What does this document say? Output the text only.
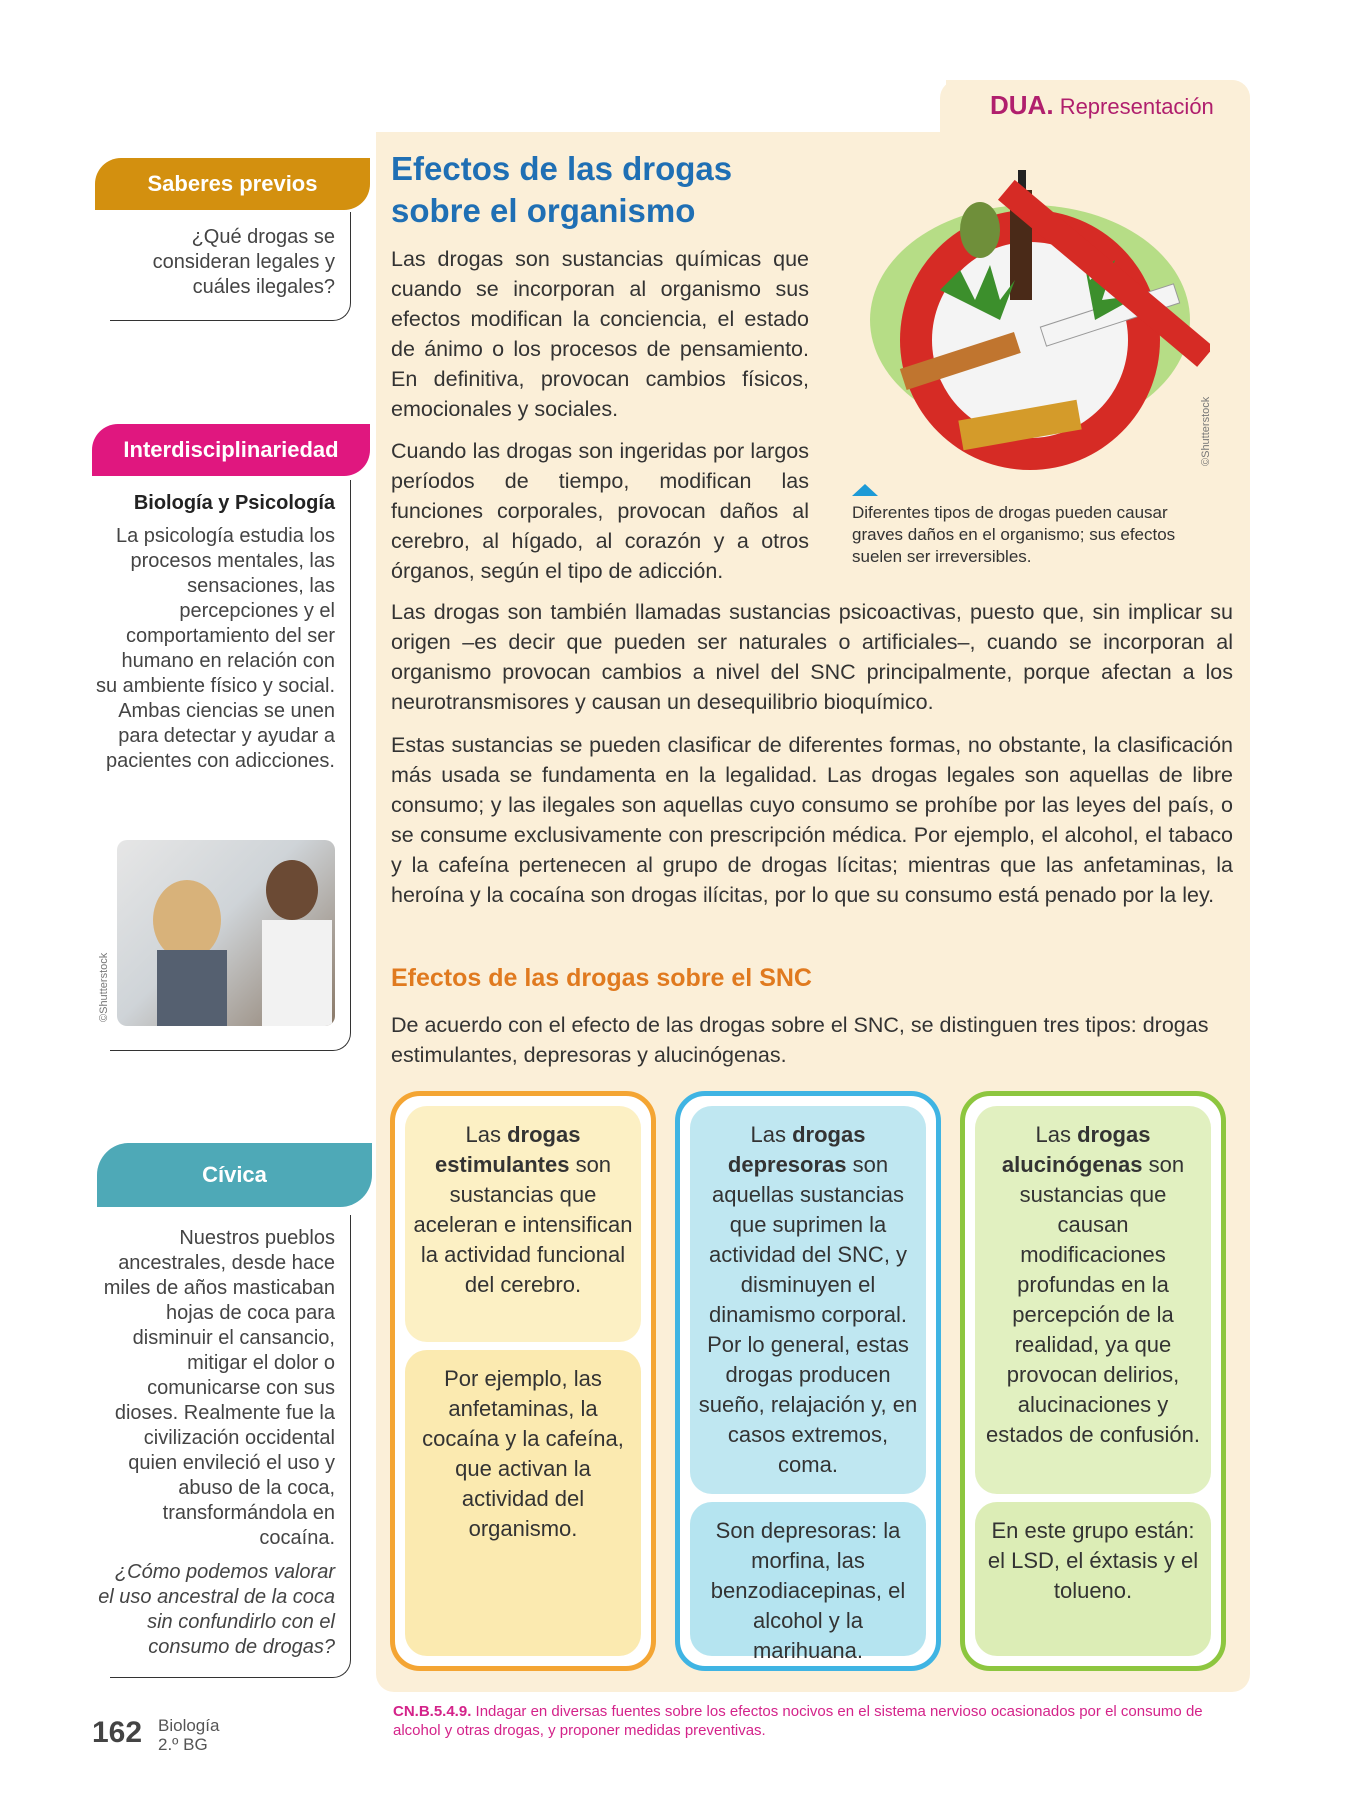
DUA. Representación
Efectos de las drogas sobre el organismo

Las drogas son sustancias químicas que cuando se incorporan al organismo sus efectos modifican la conciencia, el estado de ánimo o los procesos de pensamiento. En definitiva, provocan cambios físicos, emocionales y sociales.

Cuando las drogas son ingeridas por largos períodos de tiempo, modifican las funciones corporales, provocan daños al cerebro, al hígado, al corazón y a otros órganos, según el tipo de adicción.

©Shutterstock
Diferentes tipos de drogas pueden causar graves daños en el organismo; sus efectos suelen ser irreversibles.

Las drogas son también llamadas sustancias psicoactivas, puesto que, sin implicar su origen –es decir que pueden ser naturales o artificiales–, cuando se incorporan al organismo provocan cambios a nivel del SNC principalmente, porque afectan a los neurotransmisores y causan un desequilibrio bioquímico.

Estas sustancias se pueden clasificar de diferentes formas, no obstante, la clasificación más usada se fundamenta en la legalidad. Las drogas legales son aquellas de libre consumo; y las ilegales son aquellas cuyo consumo se prohíbe por las leyes del país, o se consume exclusivamente con prescripción médica. Por ejemplo, el alcohol, el tabaco y la cafeína pertenecen al grupo de drogas lícitas; mientras que las anfetaminas, la heroína y la cocaína son drogas ilícitas, por lo que su consumo está penado por la ley.

Efectos de las drogas sobre el SNC

De acuerdo con el efecto de las drogas sobre el SNC, se distinguen tres tipos: drogas estimulantes, depresoras y alucinógenas.

Las drogas estimulantes son sustancias que aceleran e intensifican la actividad funcional del cerebro.
Por ejemplo, las anfetaminas, la cocaína y la cafeína, que activan la actividad del organismo.
Las drogas depresoras son aquellas sustancias que suprimen la actividad del SNC, y disminuyen el dinamismo corporal. Por lo general, estas drogas producen sueño, relajación y, en casos extremos, coma.
Son depresoras: la morfina, las benzodiacepinas, el alcohol y la marihuana.
Las drogas alucinógenas son sustancias que causan modificaciones profundas en la percepción de la realidad, ya que provocan delirios, alucinaciones y estados de confusión.
En este grupo están: el LSD, el éxtasis y el tolueno.
Saberes previos
¿Qué drogas se consideran legales y cuáles ilegales?
Interdisciplinariedad
Biología y Psicología
La psicología estudia los procesos mentales, las sensaciones, las percepciones y el comportamiento del ser humano en relación con su ambiente físico y social. Ambas ciencias se unen para detectar y ayudar a pacientes con adicciones.
©Shutterstock
Cívica
Nuestros pueblos ancestrales, desde hace miles de años masticaban hojas de coca para disminuir el cansancio, mitigar el dolor o comunicarse con sus dioses. Realmente fue la civilización occidental quien envileció el uso y abuso de la coca, transformándola en cocaína.
¿Cómo podemos valorar el uso ancestral de la coca sin confundirlo con el consumo de drogas?
162 Biología
2.º BG
CN.B.5.4.9. Indagar en diversas fuentes sobre los efectos nocivos en el sistema nervioso ocasionados por el consumo de alcohol y otras drogas, y proponer medidas preventivas.
